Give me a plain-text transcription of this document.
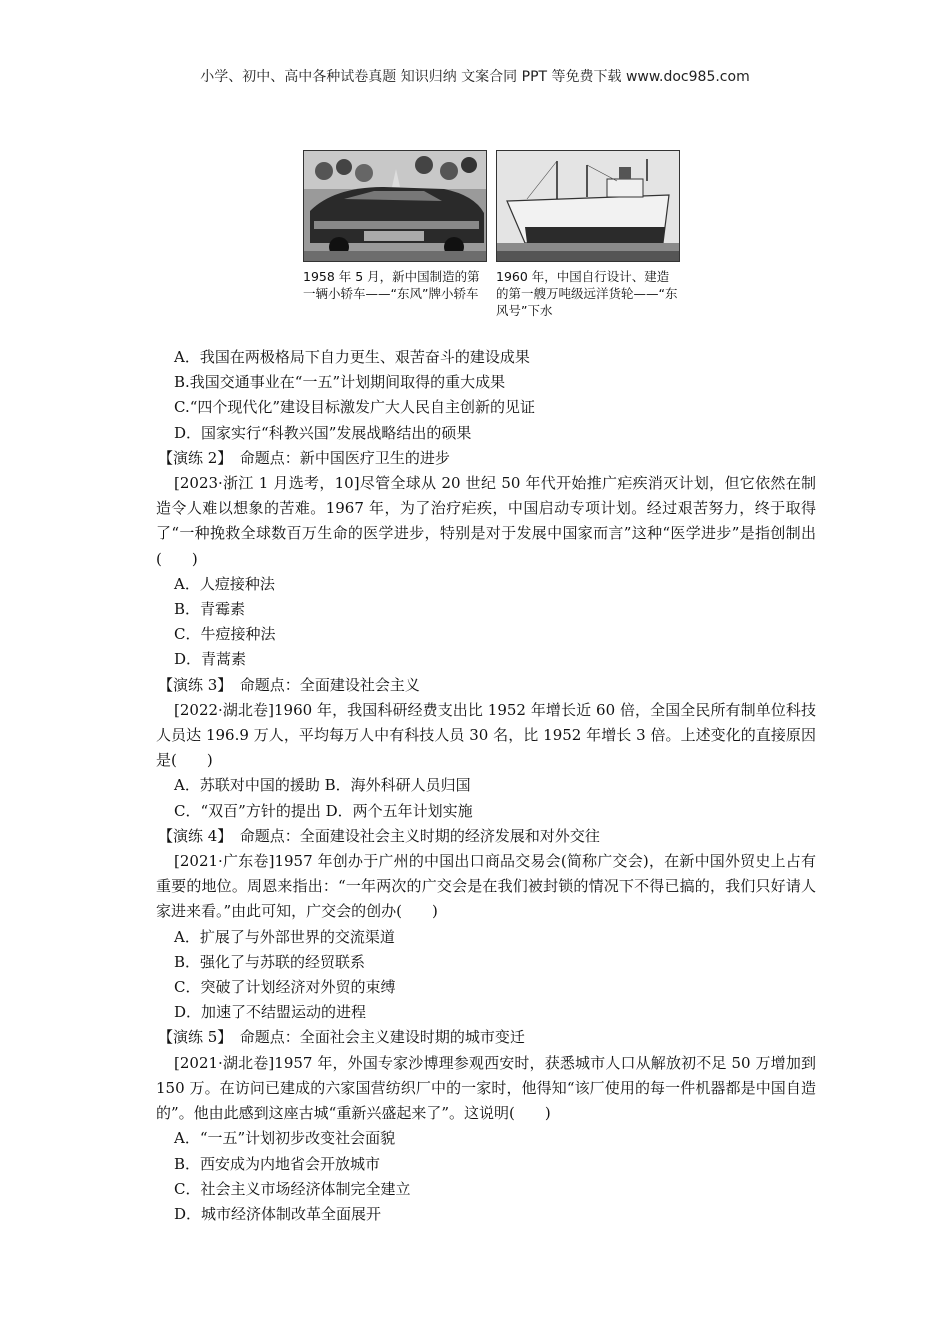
小学、初中、高中各种试卷真题 知识归纳 文案合同 PPT 等免费下载 www.doc985.com
1958 年 5 月，新中国制造的第一辆小轿车——“东风”牌小轿车
1960 年，中国自行设计、建造的第一艘万吨级远洋货轮——“东风号”下水
A．我国在两极格局下自力更生、艰苦奋斗的建设成果
B.我国交通事业在“一五”计划期间取得的重大成果
C.“四个现代化”建设目标激发广大人民自主创新的见证
D．国家实行“科教兴国”发展战略结出的硕果
【演练 2】　命题点：新中国医疗卫生的进步
[2023·浙江 1 月选考，10]尽管全球从 20 世纪 50 年代开始推广疟疾消灭计划，但它依然在制造令人难以想象的苦难。1967 年，为了治疗疟疾，中国启动专项计划。经过艰苦努力，终于取得了“一种挽救全球数百万生命的医学进步，特别是对于发展中国家而言”这种“医学进步”是指创制出(　　)
A．人痘接种法
B．青霉素
C．牛痘接种法
D．青蒿素
【演练 3】　命题点：全面建设社会主义
[2022·湖北卷]1960 年，我国科研经费支出比 1952 年增长近 60 倍，全国全民所有制单位科技人员达 196.9 万人，平均每万人中有科技人员 30 名，比 1952 年增长 3 倍。上述变化的直接原因是(　　)
A．苏联对中国的援助 B．海外科研人员归国
C．“双百”方针的提出 D．两个五年计划实施
【演练 4】　命题点：全面建设社会主义时期的经济发展和对外交往
[2021·广东卷]1957 年创办于广州的中国出口商品交易会(简称广交会)，在新中国外贸史上占有重要的地位。周恩来指出：“一年两次的广交会是在我们被封锁的情况下不得已搞的，我们只好请人家进来看。”由此可知，广交会的创办(　　)
A．扩展了与外部世界的交流渠道
B．强化了与苏联的经贸联系
C．突破了计划经济对外贸的束缚
D．加速了不结盟运动的进程
【演练 5】　命题点：全面社会主义建设时期的城市变迁
[2021·湖北卷]1957 年，外国专家沙博理参观西安时，获悉城市人口从解放初不足 50 万增加到 150 万。在访问已建成的六家国营纺织厂中的一家时，他得知“该厂使用的每一件机器都是中国自造的”。他由此感到这座古城“重新兴盛起来了”。这说明(　　)
A．“一五”计划初步改变社会面貌
B．西安成为内地省会开放城市
C．社会主义市场经济体制完全建立
D．城市经济体制改革全面展开
